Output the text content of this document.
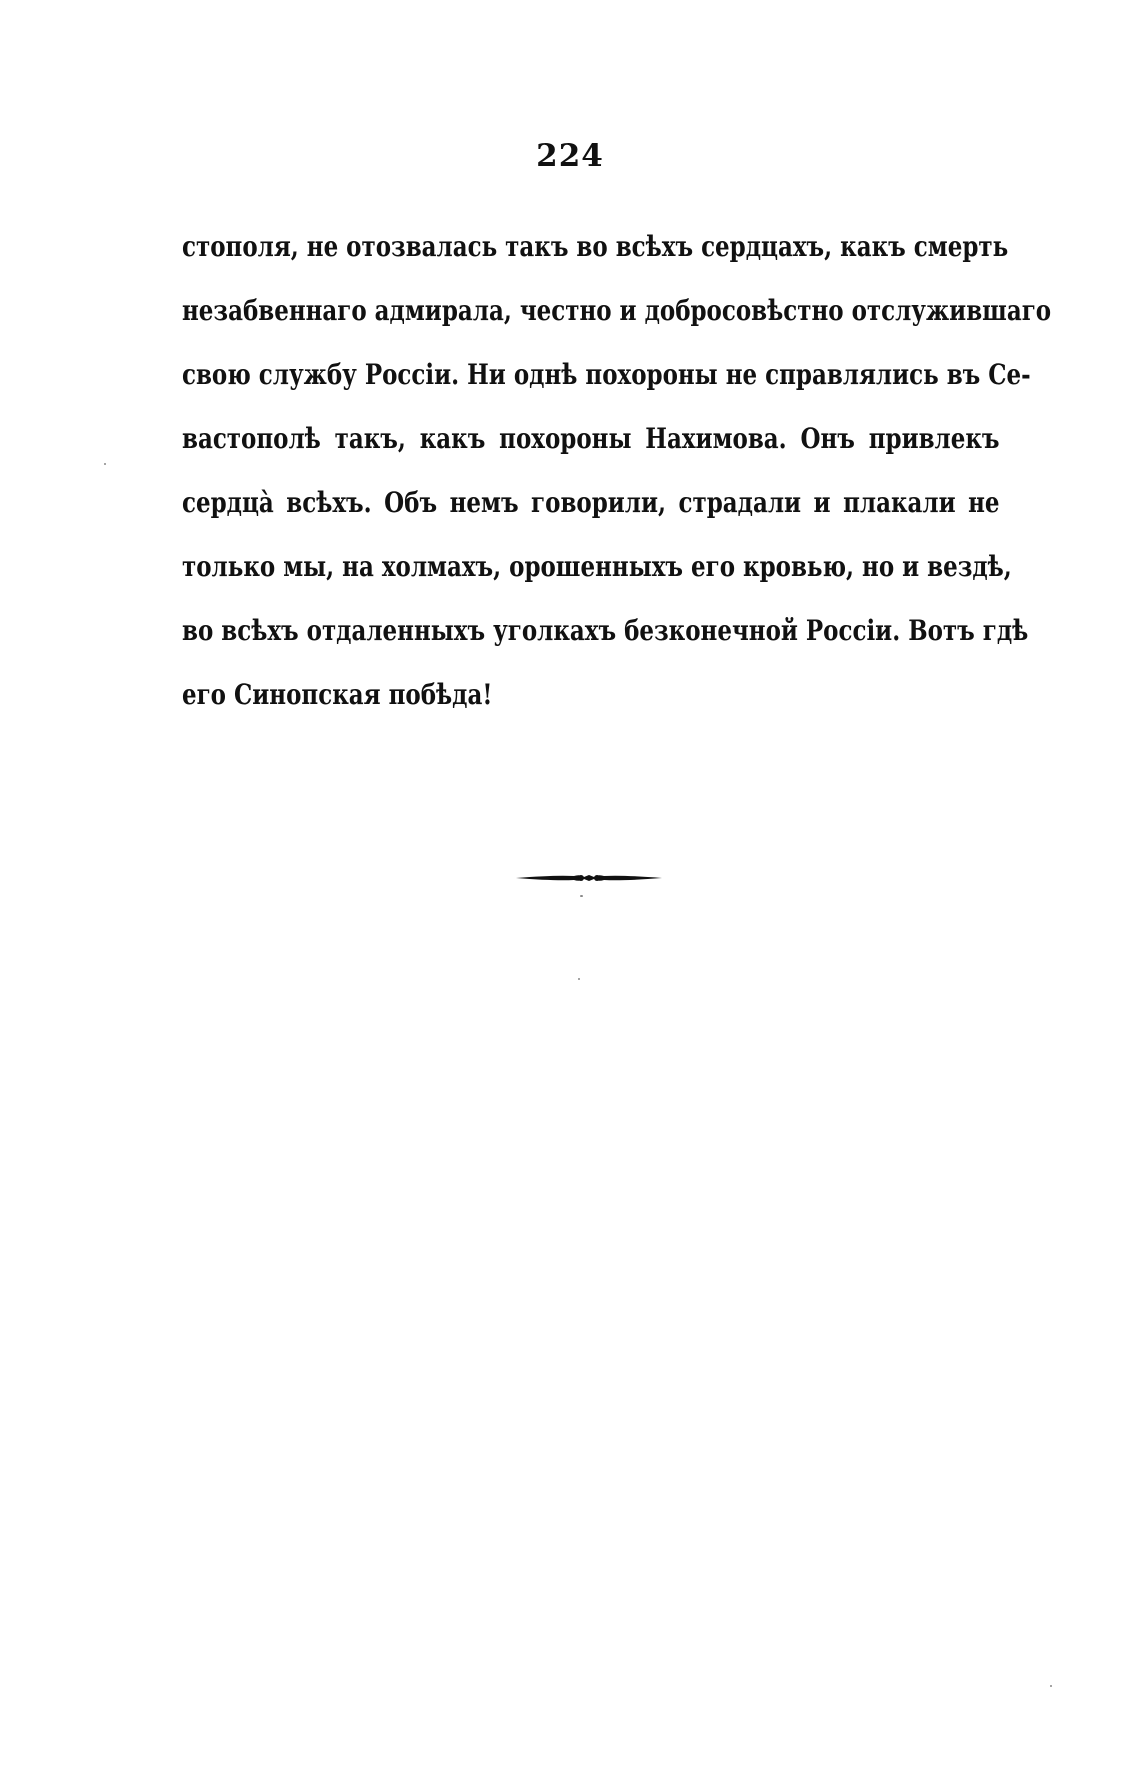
224
стополя, не отозвалась такъ во всѣхъ сердцахъ, какъ смерть
незабвеннаго адмирала, честно и добросовѣстно отслужившаго
свою службу Россіи. Ни однѣ похороны не справлялись въ Се-
вастополѣ такъ, какъ похороны Нахимова. Онъ привлекъ
сердцà всѣхъ. Объ немъ говорили, страдали и плакали не
только мы, на холмахъ, орошенныхъ его кровью, но и вездѣ,
во всѣхъ отдаленныхъ уголкахъ безконечной Россіи. Вотъ гдѣ
его Синопская побѣда!
